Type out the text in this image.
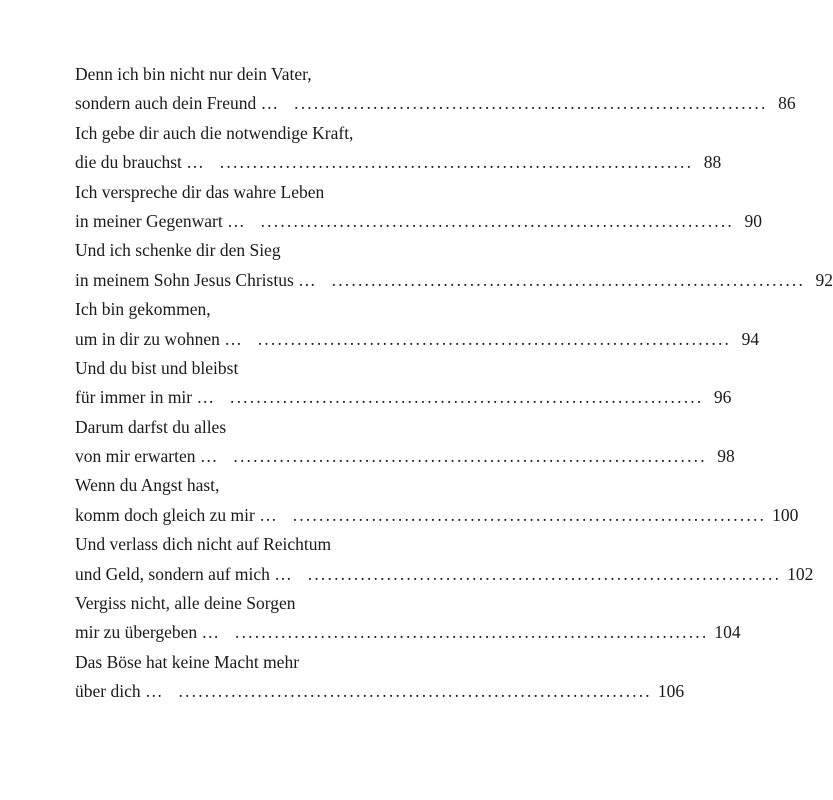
Denn ich bin nicht nur dein Vater,
sondern auch dein Freund … ........................................................................ 86
Ich gebe dir auch die notwendige Kraft,
die du brauchst … ........................................................................ 88
Ich verspreche dir das wahre Leben
in meiner Gegenwart … ........................................................................ 90
Und ich schenke dir den Sieg
in meinem Sohn Jesus Christus … ........................................................................ 92
Ich bin gekommen,
um in dir zu wohnen … ........................................................................ 94
Und du bist und bleibst
für immer in mir … ........................................................................ 96
Darum darfst du alles
von mir erwarten … ........................................................................ 98
Wenn du Angst hast,
komm doch gleich zu mir … ........................................................................ 100
Und verlass dich nicht auf Reichtum
und Geld, sondern auf mich … ........................................................................ 102
Vergiss nicht, alle deine Sorgen
mir zu übergeben … ........................................................................ 104
Das Böse hat keine Macht mehr
über dich … ........................................................................ 106
